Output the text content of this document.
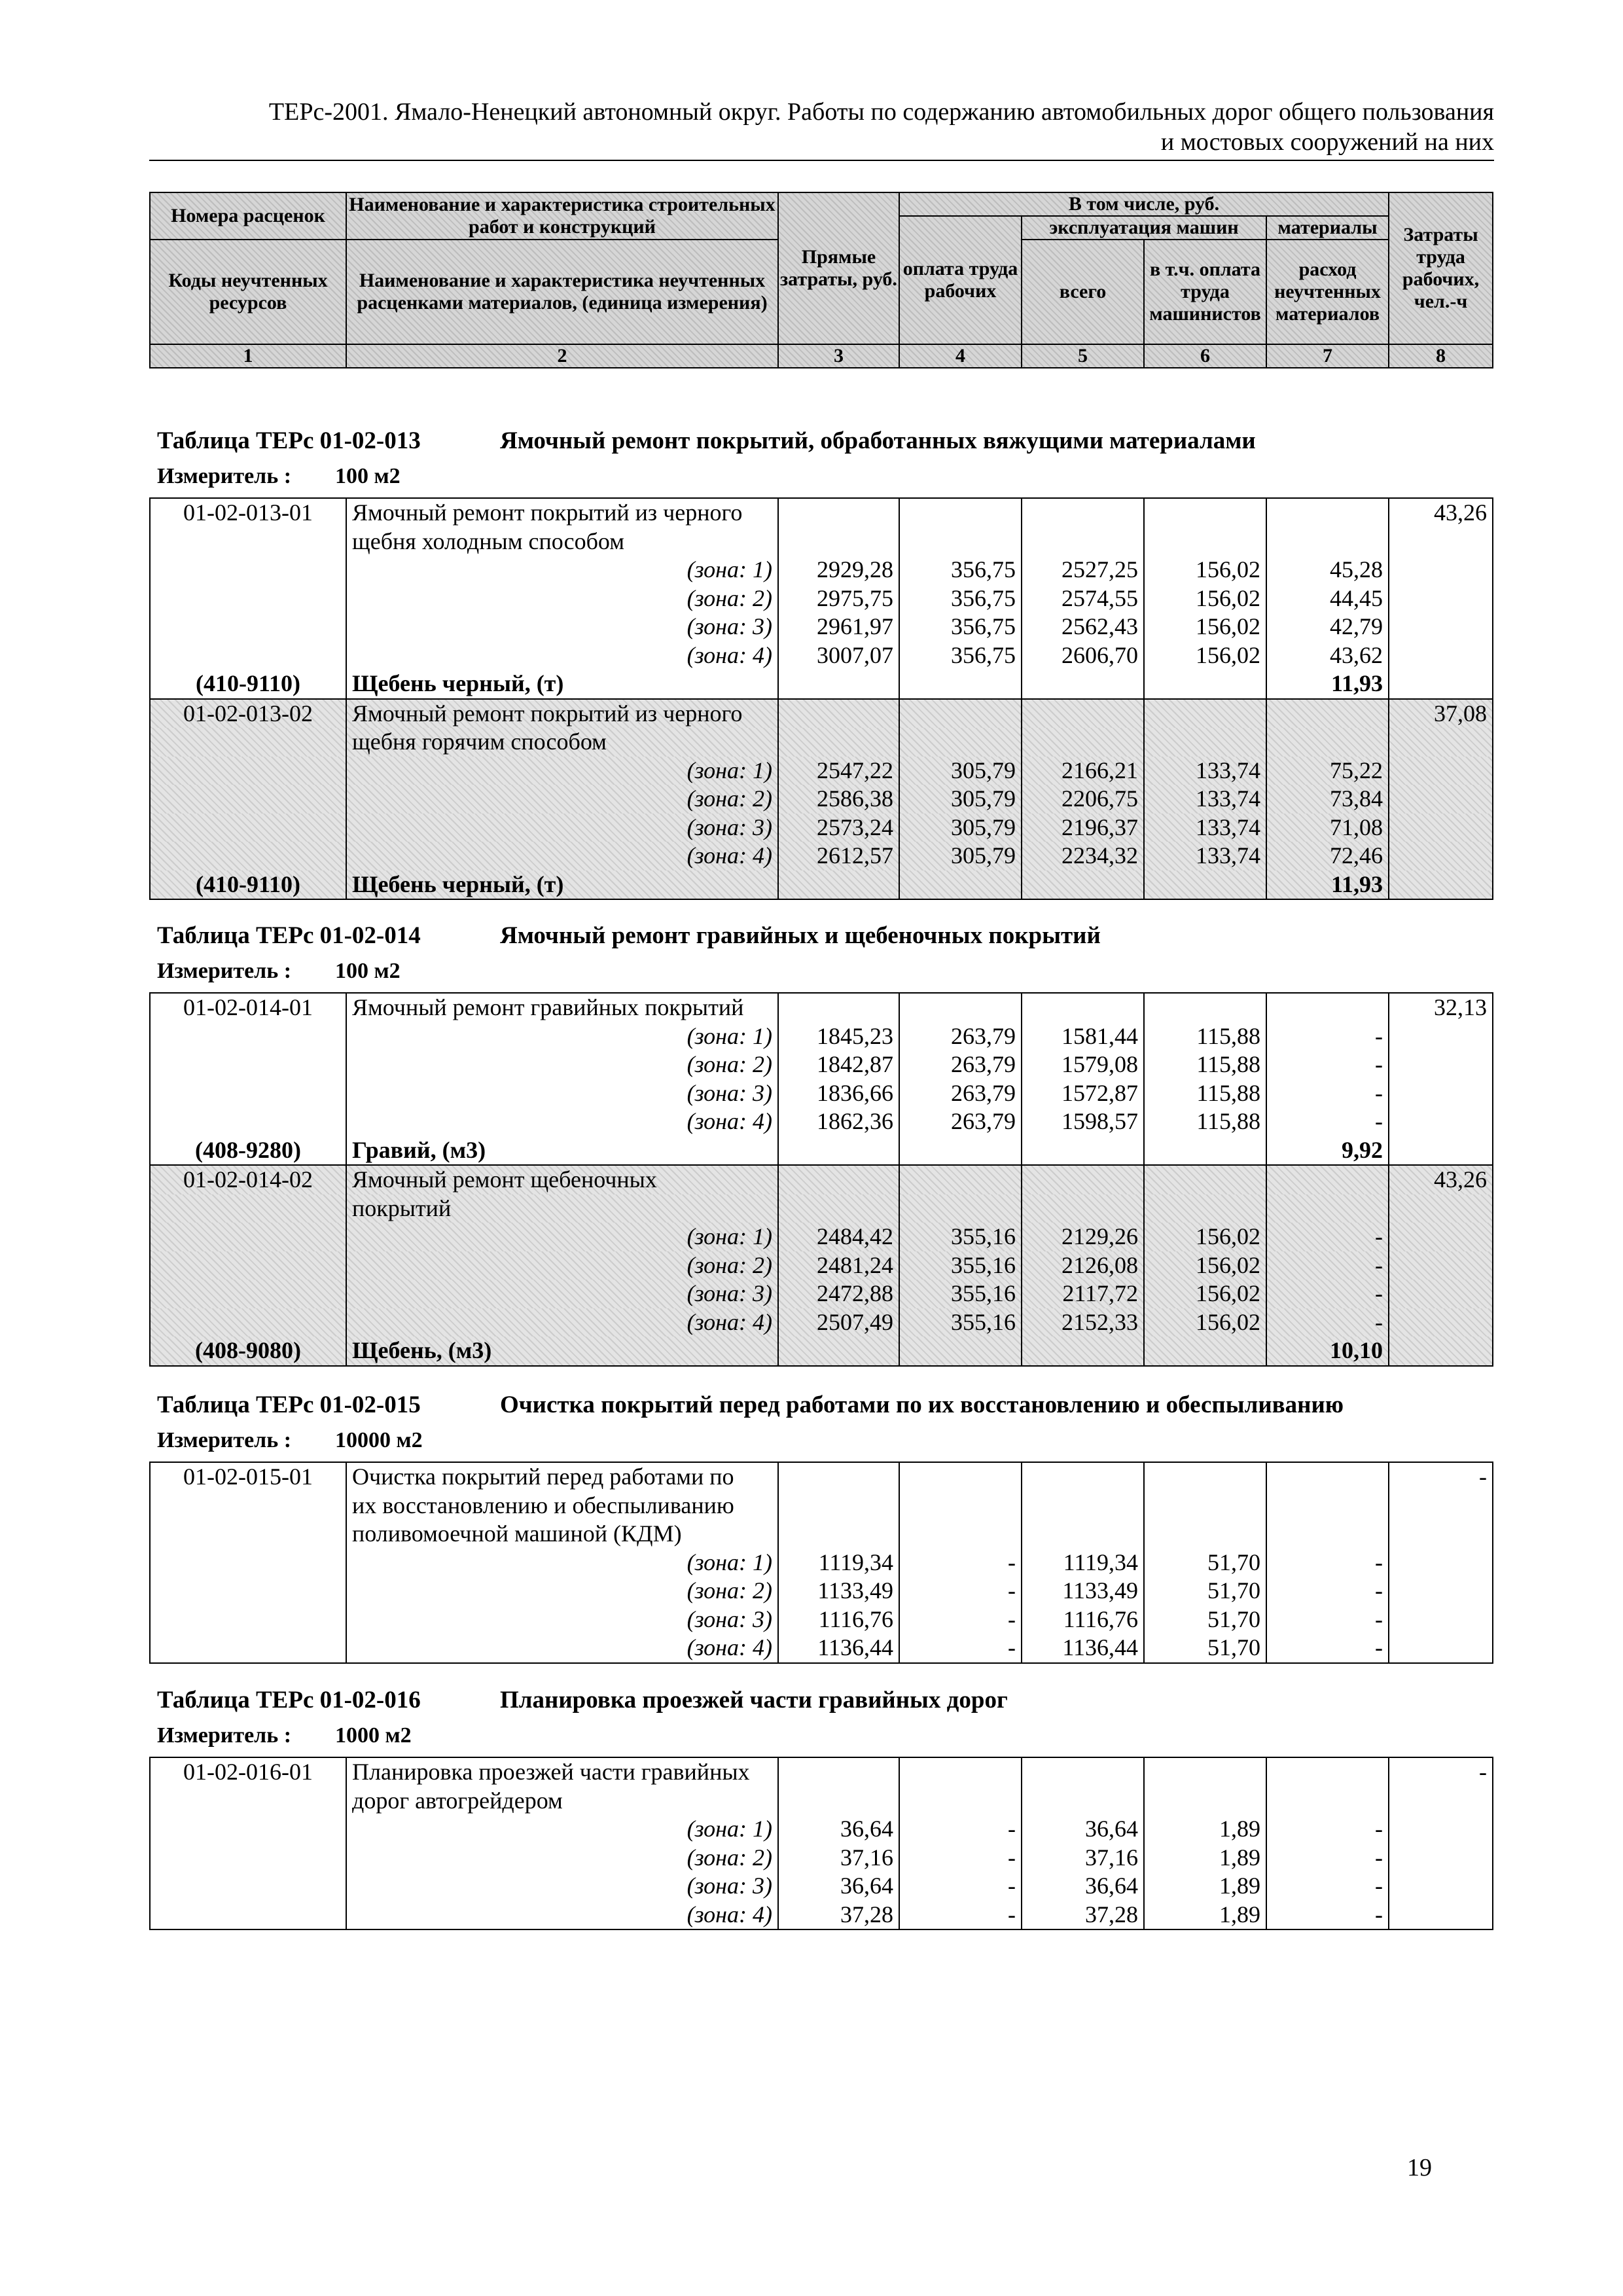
ТЕРс-2001. Ямало-Ненецкий автономный округ. Работы по содержанию автомобильных дорог общего пользования
и мостовых сооружений на них
Номера расценок	Наименование и характеристика строительных работ и конструкций	Прямые затраты, руб.	В том числе, руб.				Затраты труда рабочих, чел.-ч
			оплата труда рабочих	эксплуатация машин		материалы	
Коды неучтенных ресурсов	Наименование и характеристика неучтенных расценками материалов, (единица измерения)			всего	в т.ч. оплата труда машинистов	расход неучтенных материалов	

1	2	3	4	5	6	7	8
Таблица ТЕРс 01-02-013	Ямочный ремонт покрытий, обработанных вяжущими материалами
Измеритель : 100 м2
01-02-013-01	Ямочный ремонт покрытий из черного						43,26
	щебня холодным способом						
	(зона: 1)	2929,28	356,75	2527,25	156,02	45,28	
	(зона: 2)	2975,75	356,75	2574,55	156,02	44,45	
	(зона: 3)	2961,97	356,75	2562,43	156,02	42,79	
	(зона: 4)	3007,07	356,75	2606,70	156,02	43,62	
(410-9110)	Щебень черный, (т)					11,93	
01-02-013-02	Ямочный ремонт покрытий из черного						37,08
	щебня горячим способом						
	(зона: 1)	2547,22	305,79	2166,21	133,74	75,22	
	(зона: 2)	2586,38	305,79	2206,75	133,74	73,84	
	(зона: 3)	2573,24	305,79	2196,37	133,74	71,08	
	(зона: 4)	2612,57	305,79	2234,32	133,74	72,46	
(410-9110)	Щебень черный, (т)					11,93	
Таблица ТЕРс 01-02-014	Ямочный ремонт гравийных и щебеночных покрытий
Измеритель : 100 м2
01-02-014-01	Ямочный ремонт гравийных покрытий						32,13
	(зона: 1)	1845,23	263,79	1581,44	115,88	-	
	(зона: 2)	1842,87	263,79	1579,08	115,88	-	
	(зона: 3)	1836,66	263,79	1572,87	115,88	-	
	(зона: 4)	1862,36	263,79	1598,57	115,88	-	
(408-9280)	Гравий, (м3)					9,92	
01-02-014-02	Ямочный ремонт щебеночных						43,26
	покрытий						
	(зона: 1)	2484,42	355,16	2129,26	156,02	-	
	(зона: 2)	2481,24	355,16	2126,08	156,02	-	
	(зона: 3)	2472,88	355,16	2117,72	156,02	-	
	(зона: 4)	2507,49	355,16	2152,33	156,02	-	
(408-9080)	Щебень, (м3)					10,10	
Таблица ТЕРс 01-02-015	Очистка покрытий перед работами по их восстановлению и обеспыливанию
Измеритель : 10000 м2
01-02-015-01	Очистка покрытий перед работами по						-
	их восстановлению и обеспыливанию						
	поливомоечной машиной (КДМ)						
	(зона: 1)	1119,34	-	1119,34	51,70	-	
	(зона: 2)	1133,49	-	1133,49	51,70	-	
	(зона: 3)	1116,76	-	1116,76	51,70	-	
	(зона: 4)	1136,44	-	1136,44	51,70	-	
Таблица ТЕРс 01-02-016	Планировка проезжей части гравийных дорог
Измеритель : 1000 м2
01-02-016-01	Планировка проезжей части гравийных						-
	дорог автогрейдером						
	(зона: 1)	36,64	-	36,64	1,89	-	
	(зона: 2)	37,16	-	37,16	1,89	-	
	(зона: 3)	36,64	-	36,64	1,89	-	
	(зона: 4)	37,28	-	37,28	1,89	-	
19
